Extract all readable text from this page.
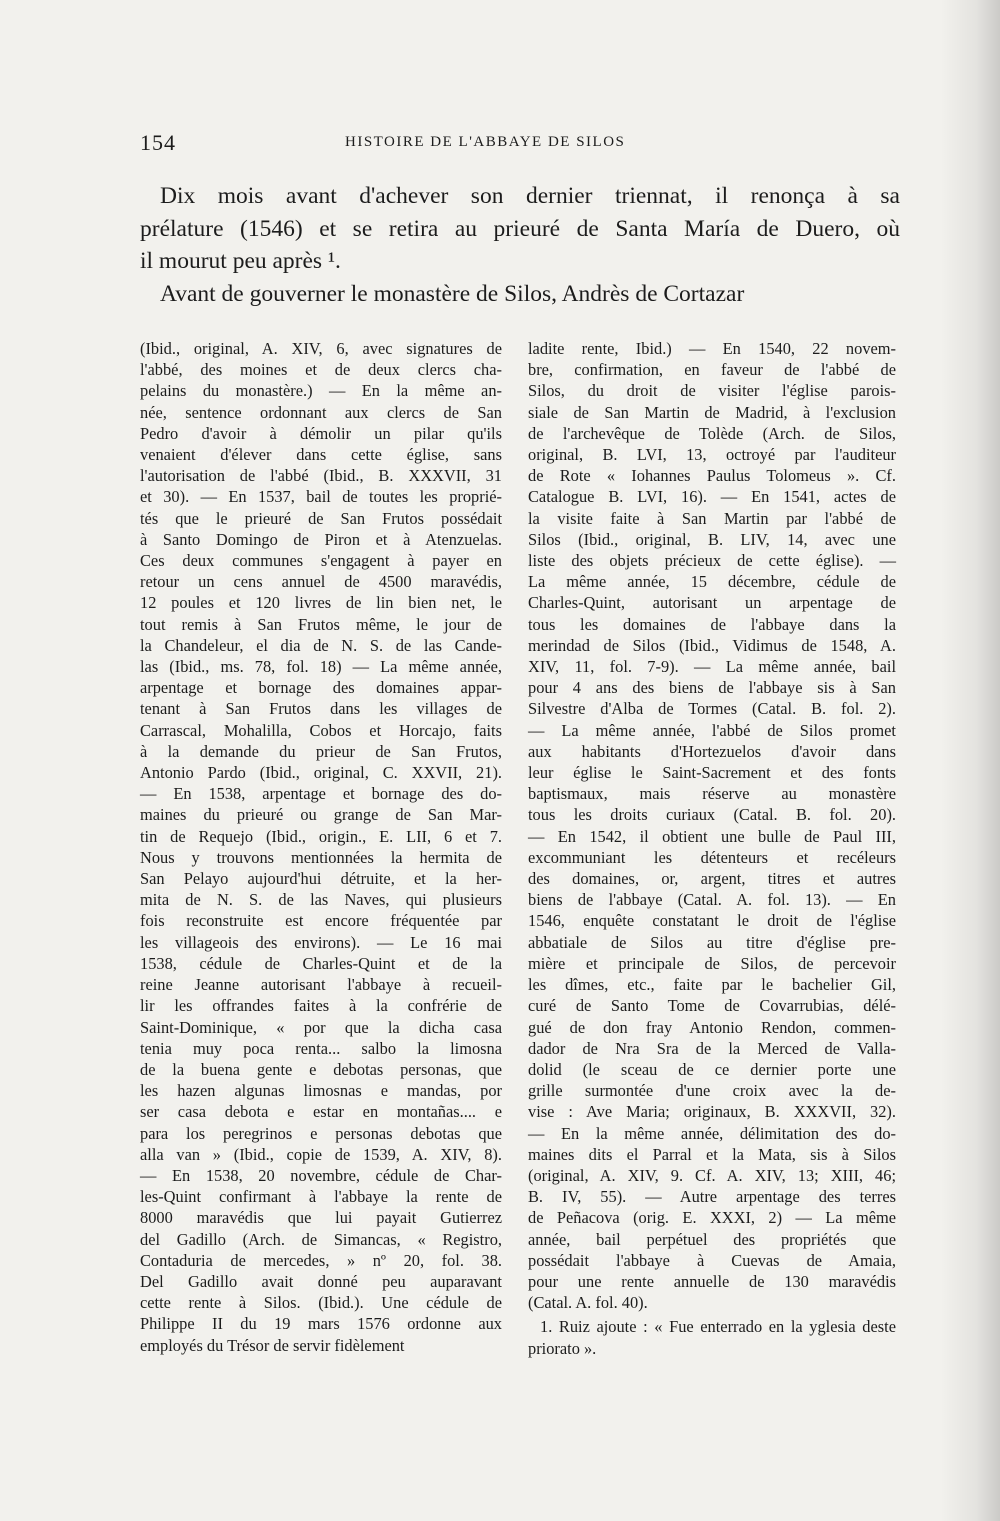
154	HISTOIRE DE L'ABBAYE DE SILOS

Dix mois avant d'achever son dernier triennat, il renonça à sa

prélature (1546) et se retira au prieuré de Santa María de Duero, où

il mourut peu après ¹.

Avant de gouverner le monastère de Silos, Andrès de Cortazar

(Ibid., original, A. XIV, 6, avec signatures de

l'abbé, des moines et de deux clercs cha-

pelains du monastère.) — En la même an-

née, sentence ordonnant aux clercs de San

Pedro d'avoir à démolir un pilar qu'ils

venaient d'élever dans cette église, sans

l'autorisation de l'abbé (Ibid., B. XXXVII, 31

et 30). — En 1537, bail de toutes les proprié-

tés que le prieuré de San Frutos possédait

à Santo Domingo de Piron et à Atenzuelas.

Ces deux communes s'engagent à payer en

retour un cens annuel de 4500 maravédis,

12 poules et 120 livres de lin bien net, le

tout remis à San Frutos même, le jour de

la Chandeleur, el dia de N. S. de las Cande-

las (Ibid., ms. 78, fol. 18) — La même année,

arpentage et bornage des domaines appar-

tenant à San Frutos dans les villages de

Carrascal, Mohalilla, Cobos et Horcajo, faits

à la demande du prieur de San Frutos,

Antonio Pardo (Ibid., original, C. XXVII, 21).

— En 1538, arpentage et bornage des do-

maines du prieuré ou grange de San Mar-

tin de Requejo (Ibid., origin., E. LII, 6 et 7.

Nous y trouvons mentionnées la hermita de

San Pelayo aujourd'hui détruite, et la her-

mita de N. S. de las Naves, qui plusieurs

fois reconstruite est encore fréquentée par

les villageois des environs). — Le 16 mai

1538, cédule de Charles-Quint et de la

reine Jeanne autorisant l'abbaye à recueil-

lir les offrandes faites à la confrérie de

Saint-Dominique, « por que la dicha casa

tenia muy poca renta... salbo la limosna

de la buena gente e debotas personas, que

les hazen algunas limosnas e mandas, por

ser casa debota e estar en montañas.... e

para los peregrinos e personas debotas que

alla van » (Ibid., copie de 1539, A. XIV, 8).

— En 1538, 20 novembre, cédule de Char-

les-Quint confirmant à l'abbaye la rente de

8000 maravédis que lui payait Gutierrez

del Gadillo (Arch. de Simancas, « Registro,

Contaduria de mercedes, » nº 20, fol. 38.

Del Gadillo avait donné peu auparavant

cette rente à Silos. (Ibid.). Une cédule de

Philippe II du 19 mars 1576 ordonne aux

employés du Trésor de servir fidèlement

ladite rente, Ibid.) — En 1540, 22 novem-

bre, confirmation, en faveur de l'abbé de

Silos, du droit de visiter l'église parois-

siale de San Martin de Madrid, à l'exclusion

de l'archevêque de Tolède (Arch. de Silos,

original, B. LVI, 13, octroyé par l'auditeur

de Rote « Iohannes Paulus Tolomeus ». Cf.

Catalogue B. LVI, 16). — En 1541, actes de

la visite faite à San Martin par l'abbé de

Silos (Ibid., original, B. LIV, 14, avec une

liste des objets précieux de cette église). —

La même année, 15 décembre, cédule de

Charles-Quint, autorisant un arpentage de

tous les domaines de l'abbaye dans la

merindad de Silos (Ibid., Vidimus de 1548, A.

XIV, 11, fol. 7-9). — La même année, bail

pour 4 ans des biens de l'abbaye sis à San

Silvestre d'Alba de Tormes (Catal. B. fol. 2).

— La même année, l'abbé de Silos promet

aux habitants d'Hortezuelos d'avoir dans

leur église le Saint-Sacrement et des fonts

baptismaux, mais réserve au monastère

tous les droits curiaux (Catal. B. fol. 20).

— En 1542, il obtient une bulle de Paul III,

excommuniant les détenteurs et recéleurs

des domaines, or, argent, titres et autres

biens de l'abbaye (Catal. A. fol. 13). — En

1546, enquête constatant le droit de l'église

abbatiale de Silos au titre d'église pre-

mière et principale de Silos, de percevoir

les dîmes, etc., faite par le bachelier Gil,

curé de Santo Tome de Covarrubias, délé-

gué de don fray Antonio Rendon, commen-

dador de Nra Sra de la Merced de Valla-

dolid (le sceau de ce dernier porte une

grille surmontée d'une croix avec la de-

vise : Ave Maria; originaux, B. XXXVII, 32).

— En la même année, délimitation des do-

maines dits el Parral et la Mata, sis à Silos

(original, A. XIV, 9. Cf. A. XIV, 13; XIII, 46;

B. IV, 55). — Autre arpentage des terres

de Peñacova (orig. E. XXXI, 2) — La même

année, bail perpétuel des propriétés que

possédait l'abbaye à Cuevas de Amaia,

pour une rente annuelle de 130 maravédis

(Catal. A. fol. 40).

1. Ruiz ajoute : « Fue enterrado en la yglesia deste priorato ».
